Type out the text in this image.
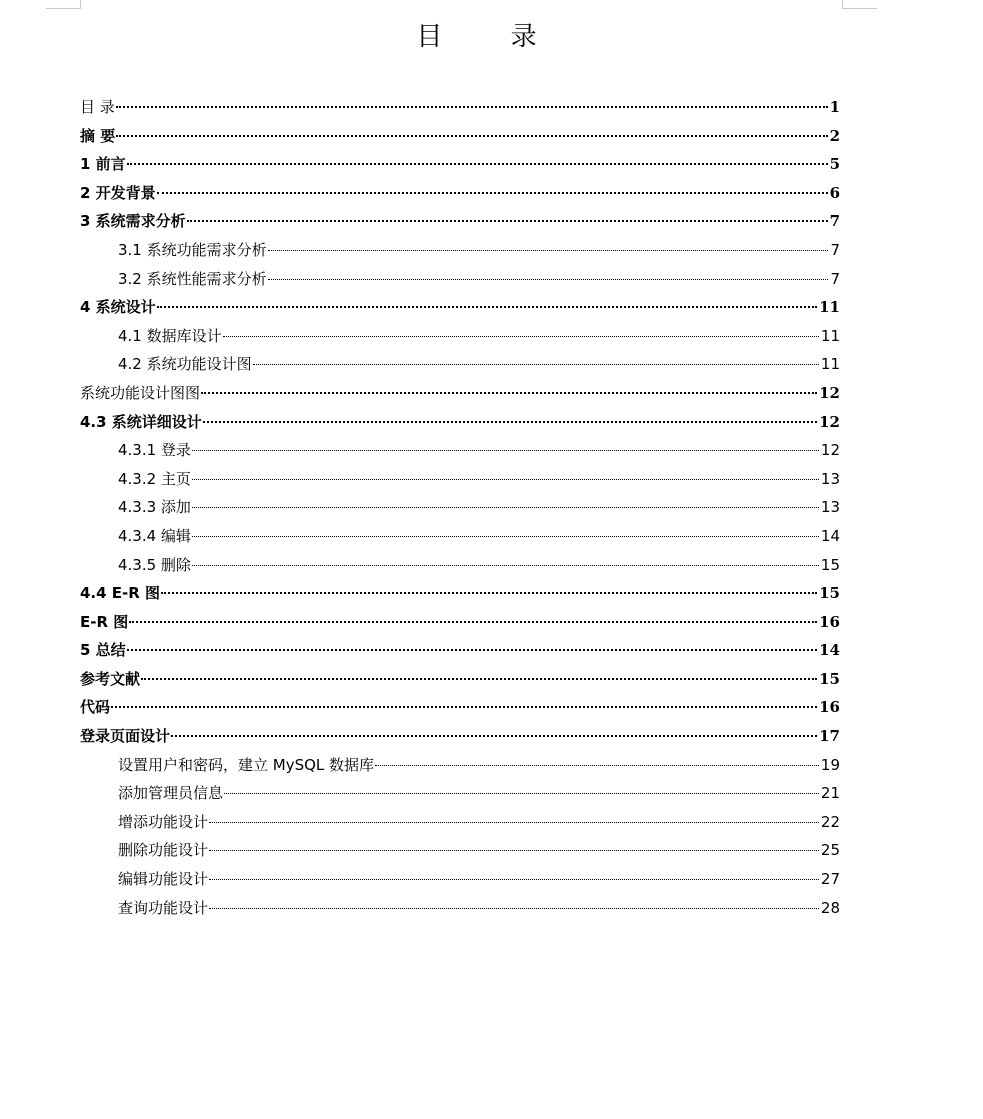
目 录
目 录	1
摘 要	2
1 前言	5
2 开发背景	6
3 系统需求分析	7
3.1 系统功能需求分析	7
3.2 系统性能需求分析	7
4 系统设计	11
4.1 数据库设计	11
4.2 系统功能设计图	11
系统功能设计图图	12
4.3 系统详细设计	12
4.3.1 登录	12
4.3.2 主页	13
4.3.3 添加	13
4.3.4 编辑	14
4.3.5 删除	15
4.4 E-R 图	15
E-R 图	16
5 总结	14
参考文献	15
代码	16
登录页面设计	17
设置用户和密码，建立 MySQL 数据库	19
添加管理员信息	21
增添功能设计	22
删除功能设计	25
编辑功能设计	27
查询功能设计	28
